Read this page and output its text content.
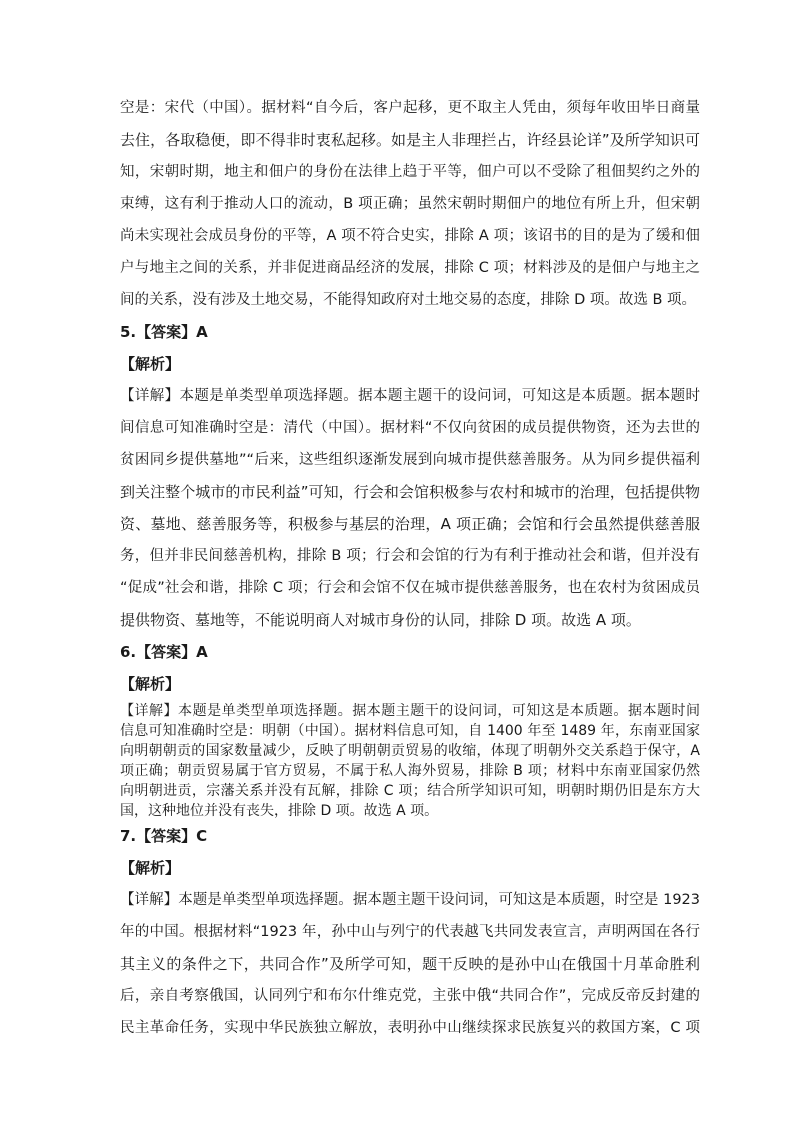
空是：宋代（中国）。据材料“自今后，客户起移，更不取主人凭由，须每年收田毕日商量
去住，各取稳便，即不得非时衷私起移。如是主人非理拦占，许经县论详”及所学知识可
知，宋朝时期，地主和佃户的身份在法律上趋于平等，佃户可以不受除了租佃契约之外的
束缚，这有利于推动人口的流动，B 项正确；虽然宋朝时期佃户的地位有所上升，但宋朝
尚未实现社会成员身份的平等，A 项不符合史实，排除 A 项；该诏书的目的是为了缓和佃
户与地主之间的关系，并非促进商品经济的发展，排除 C 项；材料涉及的是佃户与地主之
间的关系，没有涉及土地交易，不能得知政府对土地交易的态度，排除 D 项。故选 B 项。
5.【答案】A
【解析】
【详解】本题是单类型单项选择题。据本题主题干的设问词，可知这是本质题。据本题时
间信息可知准确时空是：清代（中国）。据材料“不仅向贫困的成员提供物资，还为去世的
贫困同乡提供墓地”“后来，这些组织逐渐发展到向城市提供慈善服务。从为同乡提供福利
到关注整个城市的市民利益”可知，行会和会馆积极参与农村和城市的治理，包括提供物
资、墓地、慈善服务等，积极参与基层的治理，A 项正确；会馆和行会虽然提供慈善服
务，但并非民间慈善机构，排除 B 项；行会和会馆的行为有利于推动社会和谐，但并没有
“促成”社会和谐，排除 C 项；行会和会馆不仅在城市提供慈善服务，也在农村为贫困成员
提供物资、墓地等，不能说明商人对城市身份的认同，排除 D 项。故选 A 项。
6.【答案】A
【解析】
【详解】本题是单类型单项选择题。据本题主题干的设问词，可知这是本质题。据本题时间
信息可知准确时空是：明朝（中国）。据材料信息可知，自 1400 年至 1489 年，东南亚国家
向明朝朝贡的国家数量减少，反映了明朝朝贡贸易的收缩，体现了明朝外交关系趋于保守，A
项正确；朝贡贸易属于官方贸易，不属于私人海外贸易，排除 B 项；材料中东南亚国家仍然
向明朝进贡，宗藩关系并没有瓦解，排除 C 项；结合所学知识可知，明朝时期仍旧是东方大
国，这种地位并没有丧失，排除 D 项。故选 A 项。
7.【答案】C
【解析】
【详解】本题是单类型单项选择题。据本题主题干设问词，可知这是本质题，时空是 1923
年的中国。根据材料“1923 年，孙中山与列宁的代表越飞共同发表宣言，声明两国在各行
其主义的条件之下，共同合作”及所学可知，题干反映的是孙中山在俄国十月革命胜利
后，亲自考察俄国，认同列宁和布尔什维克党，主张中俄“共同合作”，完成反帝反封建的
民主革命任务，实现中华民族独立解放，表明孙中山继续探求民族复兴的救国方案，C 项
